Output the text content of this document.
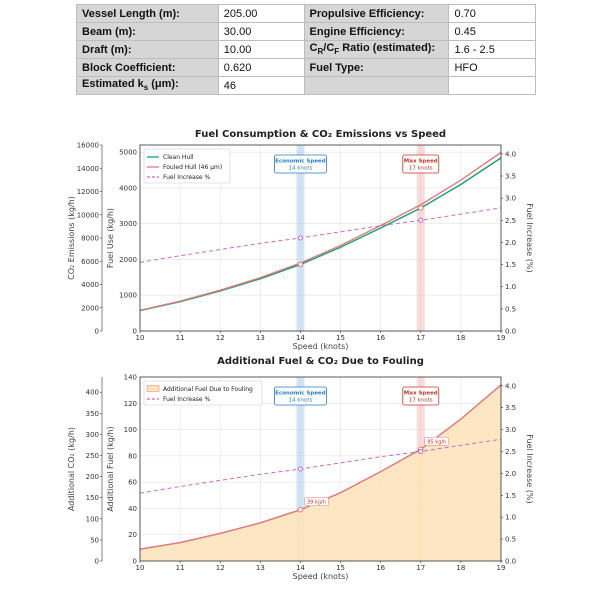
Vessel Length (m):	205.00	Propulsive Efficiency:	0.70
Beam (m):	30.00	Engine Efficiency:	0.45
Draft (m):	10.00	$C_R/C_F$ Ratio (estimated):	1.6 - 2.5
Block Coefficient:	0.620	Fuel Type:	HFO
Estimated $k_s$ (μm):	46		
Fuel Consumption & CO₂ Emissions vs Speed
Economic Speed
14 knots
Max Speed
17 knots
10	11	12	13	14	15	16	17	18	19
Speed (knots)
0
1000
2000
3000
4000
5000
Fuel Use (kg/h)
0
2000
4000
6000
8000
10000
12000
14000
16000
CO₂ Emissions (kg/h)
0.0
0.5
1.0
1.5
2.0
2.5
3.0
3.5
4.0
Fuel Increase (%)
Clean Hull
Fouled Hull (46 μm)
Fuel Increase %
Additional Fuel & CO₂ Due to Fouling
39 kg/h
85 kg/h
Economic Speed
14 knots
Max Speed
17 knots
10	11	12	13	14	15	16	17	18	19
Speed (knots)
0
20
40
60
80
100
120
140
Additional Fuel (kg/h)
0
50
100
150
200
250
300
350
400
Additional CO₂ (kg/h)
0.0
0.5
1.0
1.5
2.0
2.5
3.0
3.5
4.0
Fuel Increase (%)
Additional Fuel Due to Fouling
Fuel Increase %
